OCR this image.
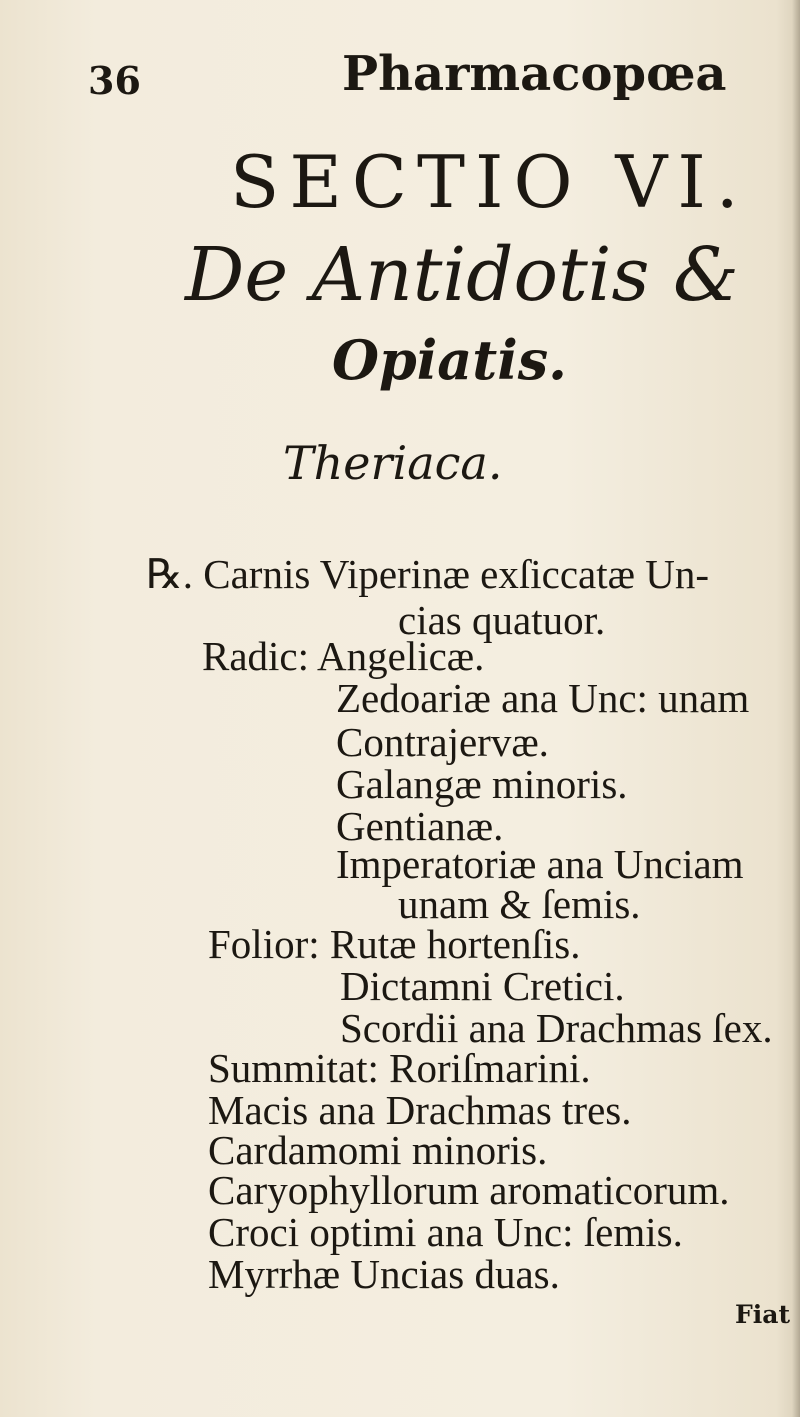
36	Pharmacopœa
SECTIO VI.
De Antidotis &
Opiatis.
Theriaca.
℞. Carnis Viperinæ exſiccatæ Un-
cias quatuor.
Radic: Angelicæ.
Zedoariæ ana Unc: unam
Contrajervæ.
Galangæ minoris.
Gentianæ.
Imperatoriæ ana Unciam
unam & ſemis.
Folior: Rutæ hortenſis.
Dictamni Cretici.
Scordii ana Drachmas ſex.
Summitat: Roriſmarini.
Macis ana Drachmas tres.
Cardamomi minoris.
Caryophyllorum aromaticorum.
Croci optimi ana Unc: ſemis.
Myrrhæ Uncias duas.
Fiat
